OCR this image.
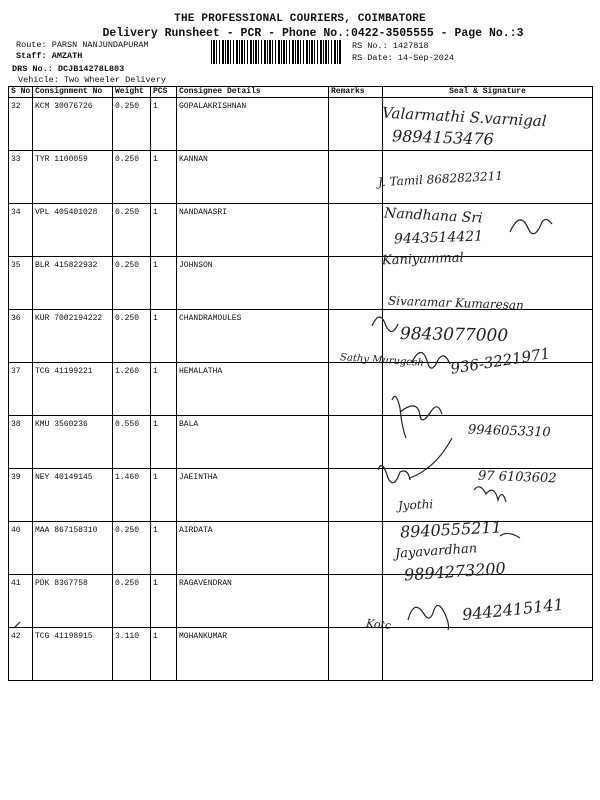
THE PROFESSIONAL COURIERS, COIMBATORE
Delivery Runsheet - PCR - Phone No.:0422-3505555 - Page No.:3
Route: PARSN NANJUNDAPURAM
Staff: AMZATH
DRS No.: DCJB14278L803
Vehicle: Two Wheeler Delivery
RS No.: 1427818
RS Date: 14-Sep-2024
S No	Consignment No	Weight	PCS	Consignee Details	Remarks	Seal & Signature
32	KCM 30076726	0.250	1	GOPALAKRISHNAN		
33	TYR 1100059	0.250	1	KANNAN		
34	VPL 405401028	0.250	1	NANDANASRI		
35	BLR 415822932	0.250	1	JOHNSON		
36	KUR 7002194222	0.250	1	CHANDRAMOULES		
37	TCG 41199221	1.260	1	HEMALATHA		
38	KMU 3560236	0.550	1	BALA		
39	NEY 40149145	1.460	1	JAEINTHA		
40	MAA 867158310	0.250	1	AIRDATA		
41	PDK 8367758	0.250	1	RAGAVENDRAN		
42	TCG 41198915	3.110	1	MOHANKUMAR		
Valarmathi S.varnigal
9894153476
J. Tamil 8682823211
Nandhana Sri
9443514421
Kaniyammal
Sivaramar Kumaresan
9843077000
Sathy Murugesh 936-3221971
9946053310
97 6103602
Jyothi
8940555211
Jayavardhan
9894273200
9442415141
Kotc
